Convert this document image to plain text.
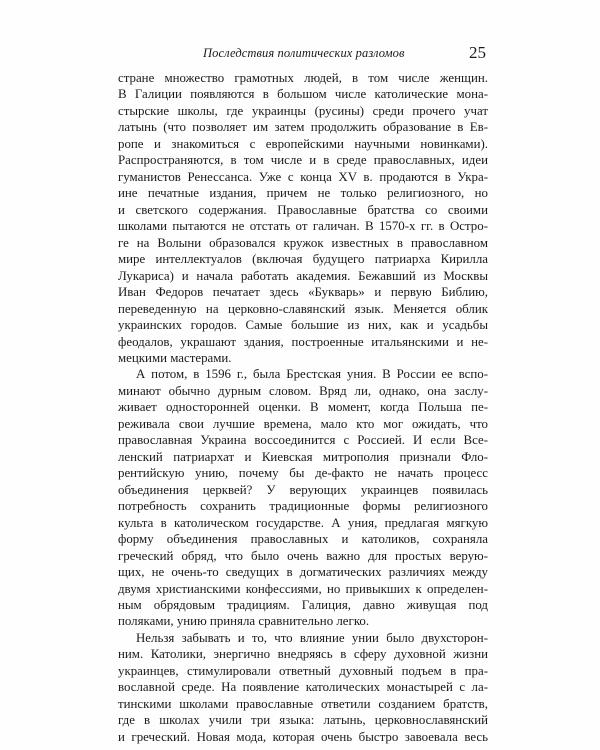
Последствия политических разломов	25
стране множество грамотных людей, в том числе женщин.
В Галиции появляются в большом числе католические мона-
стырские школы, где украинцы (русины) среди прочего учат
латынь (что позволяет им затем продолжить образование в Ев-
ропе и знакомиться с европейскими научными новинками).
Распространяются, в том числе и в среде православных, идеи
гуманистов Ренессанса. Уже с конца XV в. продаются в Укра-
ине печатные издания, причем не только религиозного, но
и светского содержания. Православные братства со своими
школами пытаются не отстать от галичан. В 1570-х гг. в Остро-
ге на Волыни образовался кружок известных в православном
мире интеллектуалов (включая будущего патриарха Кирилла
Лукариса) и начала работать академия. Бежавший из Москвы
Иван Федоров печатает здесь «Букварь» и первую Библию,
переведенную на церковно-славянский язык. Меняется облик
украинских городов. Самые большие из них, как и усадьбы
феодалов, украшают здания, построенные итальянскими и не-
мецкими мастерами.
А потом, в 1596 г., была Брестская уния. В России ее вспо-
минают обычно дурным словом. Вряд ли, однако, она заслу-
живает односторонней оценки. В момент, когда Польша пе-
реживала свои лучшие времена, мало кто мог ожидать, что
православная Украина воссоединится с Россией. И если Все-
ленский патриархат и Киевская митрополия признали Фло-
рентийскую унию, почему бы де-факто не начать процесс
объединения церквей? У верующих украинцев появилась
потребность сохранить традиционные формы религиозного
культа в католическом государстве. А уния, предлагая мягкую
форму объединения православных и католиков, сохраняла
греческий обряд, что было очень важно для простых верую-
щих, не очень-то сведущих в догматических различиях между
двумя христианскими конфессиями, но привыкших к определен-
ным обрядовым традициям. Галиция, давно живущая под
поляками, унию приняла сравнительно легко.
Нельзя забывать и то, что влияние унии было двухсторон-
ним. Католики, энергично внедряясь в сферу духовной жизни
украинцев, стимулировали ответный духовный подъем в пра-
вославной среде. На появление католических монастырей с ла-
тинскими школами православные ответили созданием братств,
где в школах учили три языка: латынь, церковнославянский
и греческий. Новая мода, которая очень быстро завоевала весь
